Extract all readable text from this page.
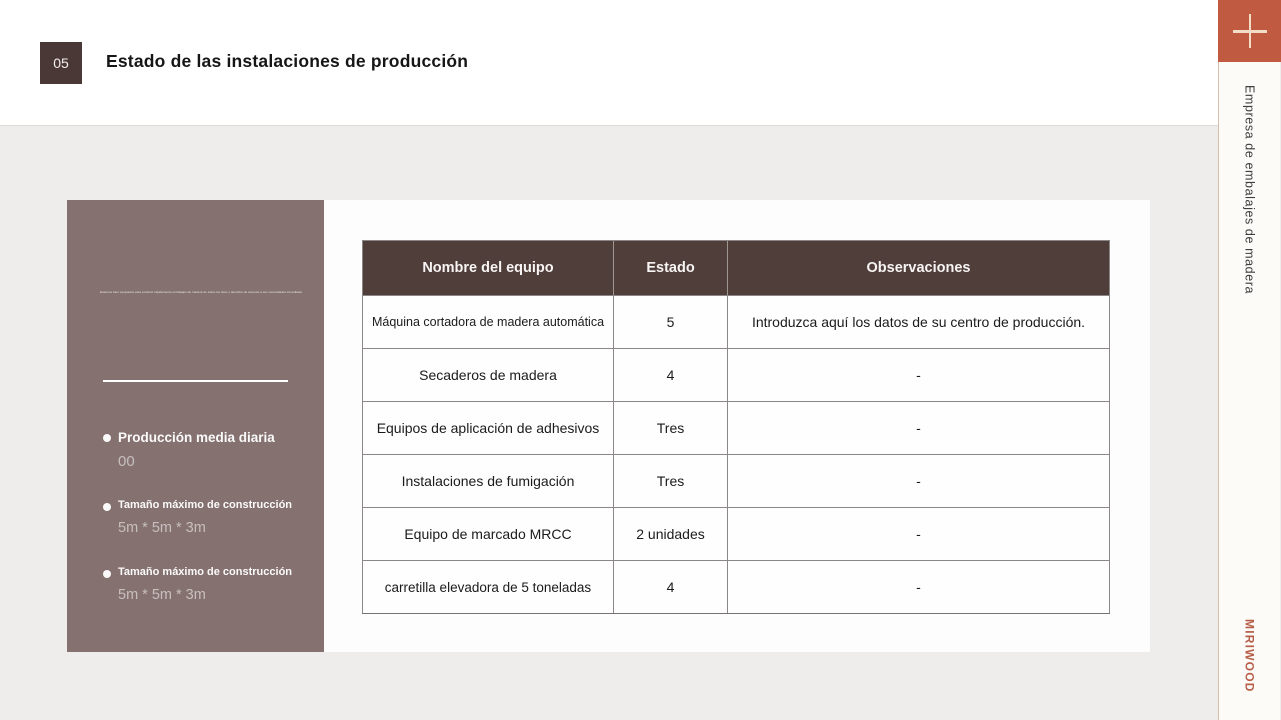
05	Estado de las instalaciones de producción
Estamos bien equipados para producir rápidamente embalajes de madera de todos los tipos y tamaños de acuerdo a sus necesidades inmediatas
Producción media diaria
00
Tamaño máximo de construcción
5m * 5m * 3m
Tamaño máximo de construcción
5m * 5m * 3m
Nombre del equipo	Estado	Observaciones
Máquina cortadora de madera automática	5	Introduzca aquí los datos de su centro de producción.
Secaderos de madera	4	-
Equipos de aplicación de adhesivos	Tres	-
Instalaciones de fumigación	Tres	-
Equipo de marcado MRCC	2 unidades	-
carretilla elevadora de 5 toneladas	4	-
Empresa de embalajes de madera
MIRIWOOD
